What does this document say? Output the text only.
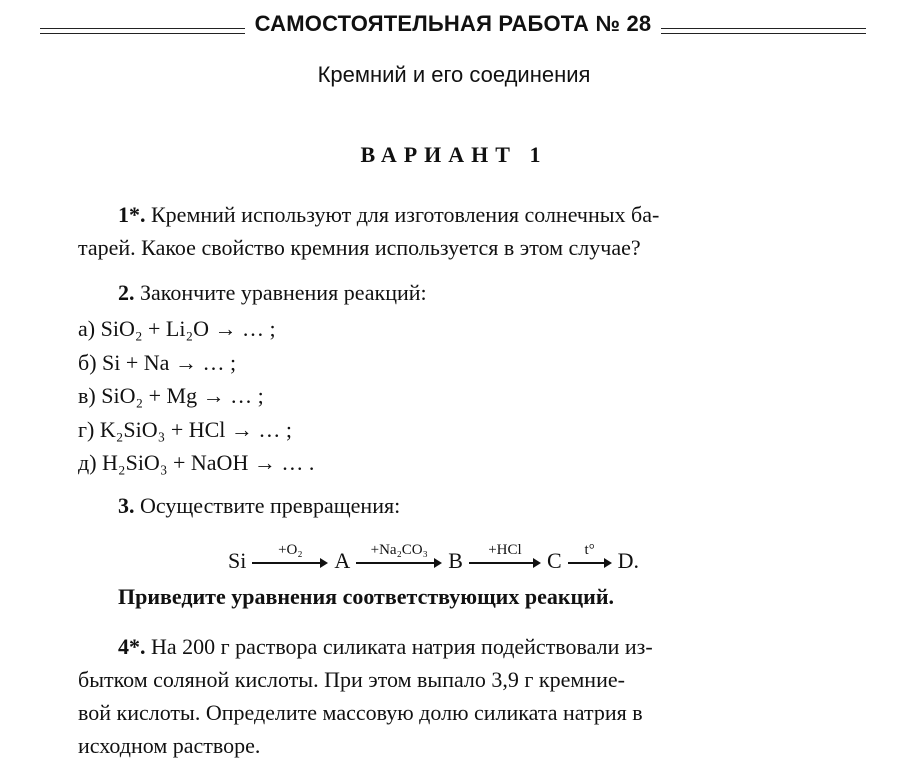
САМОСТОЯТЕЛЬНАЯ РАБОТА № 28
Кремний и его соединения
ВАРИАНТ 1
1*. Кремний используют для изготовления солнечных ба-
тарей. Какое свойство кремния используется в этом случае?
2. Закончите уравнения реакций:
а) SiO₂ + Li₂O → … ;
б) Si + Na → … ;
в) SiO₂ + Mg → … ;
г) K₂SiO₃ + HCl → … ;
д) H₂SiO₃ + NaOH → … .
3. Осуществите превращения:
Si +O₂ A +Na₂CO₃ B +HCl C t° D.
Приведите уравнения соответствующих реакций.
4*. На 200 г раствора силиката натрия подействовали из-
бытком соляной кислоты. При этом выпало 3,9 г кремние-
вой кислоты. Определите массовую долю силиката натрия в
исходном растворе.
